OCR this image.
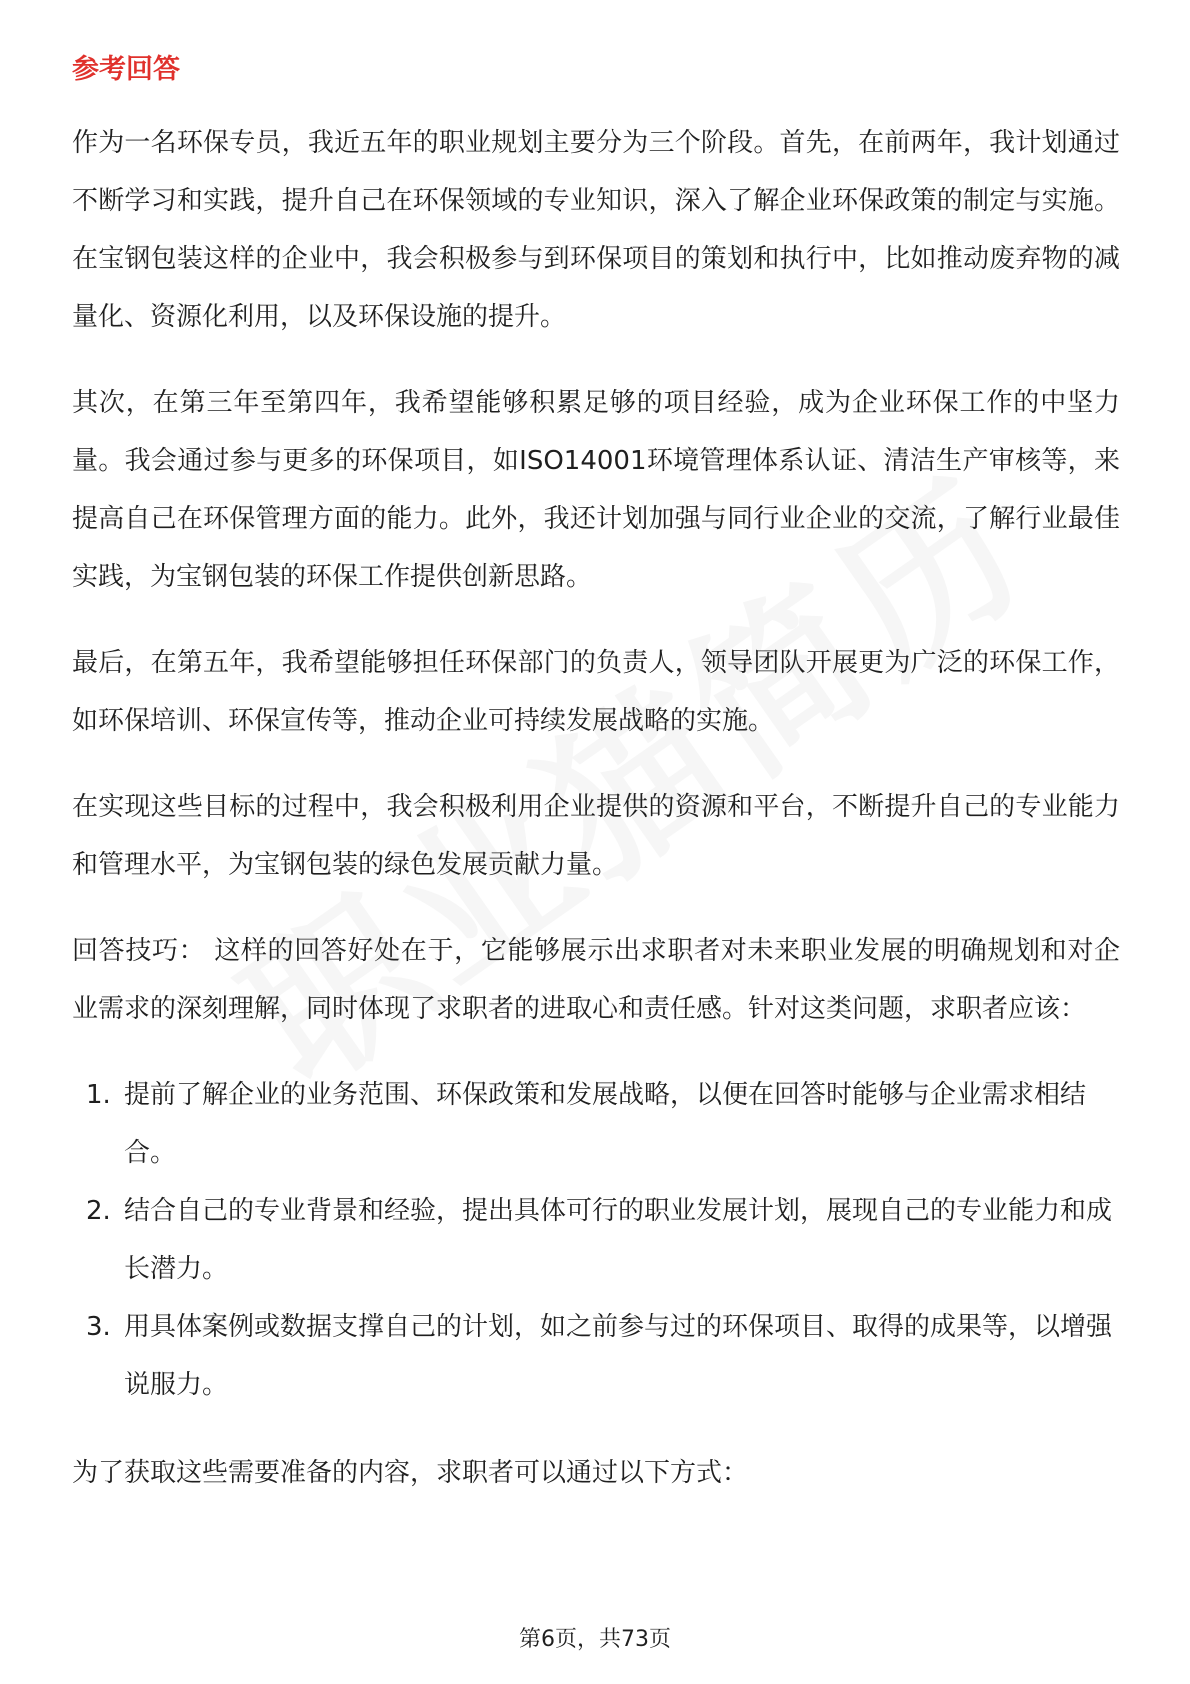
参考回答

作为一名环保专员，我近五年的职业规划主要分为三个阶段。首先，在前两年，我计划通过不断学习和实践，提升自己在环保领域的专业知识，深入了解企业环保政策的制定与实施。在宝钢包装这样的企业中，我会积极参与到环保项目的策划和执行中，比如推动废弃物的减量化、资源化利用，以及环保设施的提升。

其次，在第三年至第四年，我希望能够积累足够的项目经验，成为企业环保工作的中坚力量。我会通过参与更多的环保项目，如ISO14001环境管理体系认证、清洁生产审核等，来提高自己在环保管理方面的能力。此外，我还计划加强与同行业企业的交流，了解行业最佳实践，为宝钢包装的环保工作提供创新思路。

最后，在第五年，我希望能够担任环保部门的负责人，领导团队开展更为广泛的环保工作，如环保培训、环保宣传等，推动企业可持续发展战略的实施。

在实现这些目标的过程中，我会积极利用企业提供的资源和平台，不断提升自己的专业能力和管理水平，为宝钢包装的绿色发展贡献力量。

回答技巧： 这样的回答好处在于，它能够展示出求职者对未来职业发展的明确规划和对企业需求的深刻理解，同时体现了求职者的进取心和责任感。针对这类问题，求职者应该：

1. 提前了解企业的业务范围、环保政策和发展战略，以便在回答时能够与企业需求相结合。
2. 结合自己的专业背景和经验，提出具体可行的职业发展计划，展现自己的专业能力和成长潜力。
3. 用具体案例或数据支撑自己的计划，如之前参与过的环保项目、取得的成果等，以增强说服力。

为了获取这些需要准备的内容，求职者可以通过以下方式：

第6页，共73页
